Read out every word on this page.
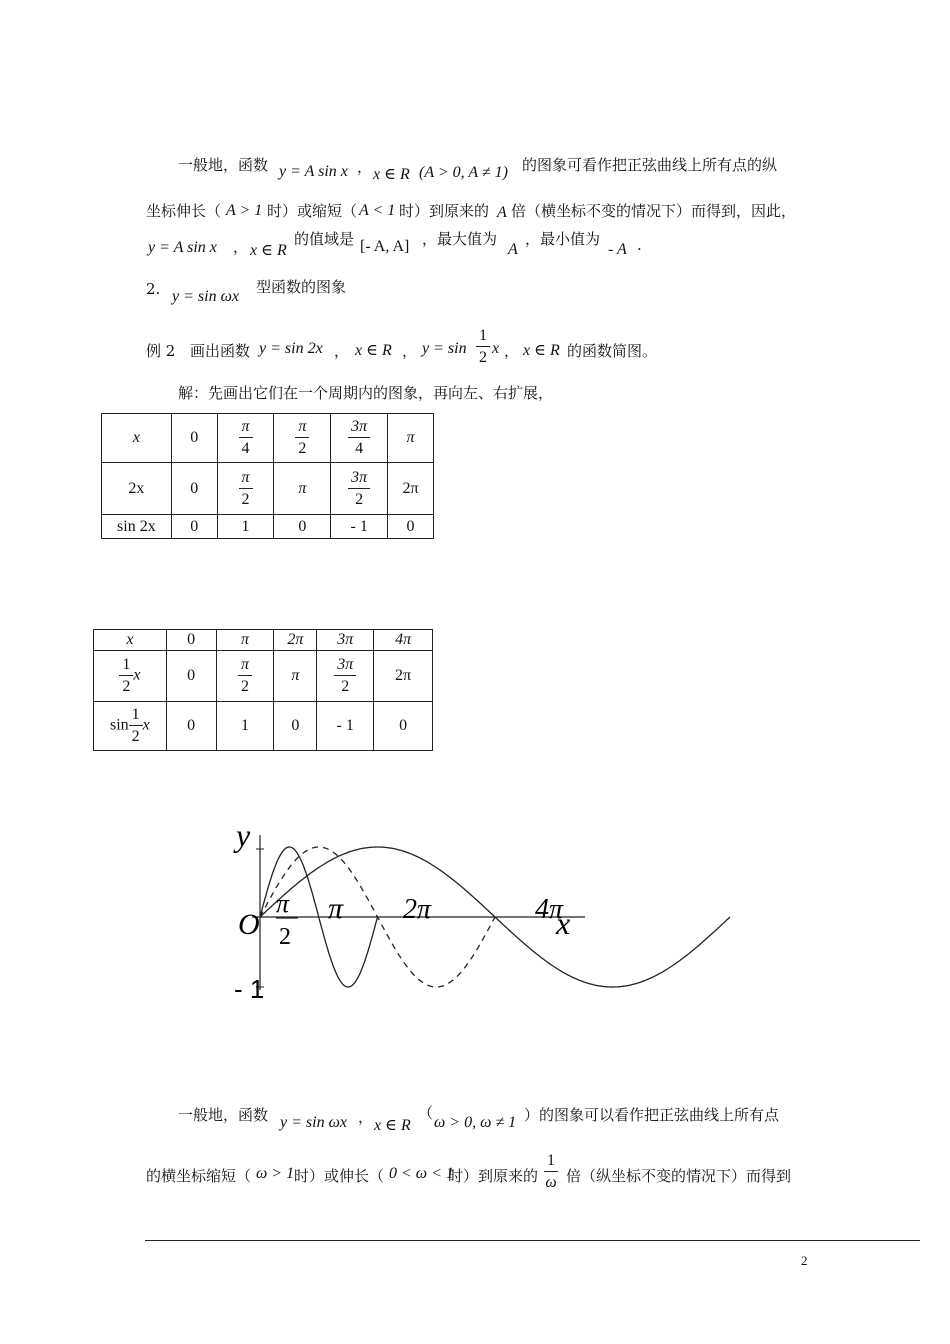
一般地，函数 y = A sin x ， x ∈ R (A > 0, A ≠ 1) 的图象可看作把正弦曲线上所有点的纵
坐标伸长（ A > 1 时）或缩短（ A < 1 时）到原来的 A 倍（横坐标不变的情况下）而得到，因此，
y = A sin x ， x ∈ R
的值域是 [- A, A] ，最大值为
A
，最小值为
- A .
2. y = sin ωx
型函数的图象
例 2 画出函数 y = sin 2x ， x ∈ R ， $y = \sin \frac{1}{2}$ x ， x ∈ R 的函数简图。
解：先画出它们在一个周期内的图象，再向左、右扩展，
x	0	$\frac{\pi}{4}$	$\frac{\pi}{2}$	$\frac{3\pi}{4}$	π
2x	0	$\frac{\pi}{2}$	π	$\frac{3\pi}{2}$	2π
sin 2x	0	1	0	- 1	0
x	0	π	2π	3π	4π

$\frac{1}{2}$ x	0	$\frac{\pi}{2}$	π	$\frac{3\pi}{2}$	2π
$\sin \frac{1}{2}$ x	0	1	0	- 1	0
y
x
O
π
2
π 2π	4π
- 1
一般地，函数 y = sin ωx ， x ∈ R
（
ω > 0, ω ≠ 1 ）的图象可以看作把正弦曲线上所有点
的横坐标缩短（ ω > 1 时）或伸长（ 0 < ω < 1
时）到原来的 $\frac{1}{\omega}$ 倍（纵坐标不变的情况下）而得到
2
